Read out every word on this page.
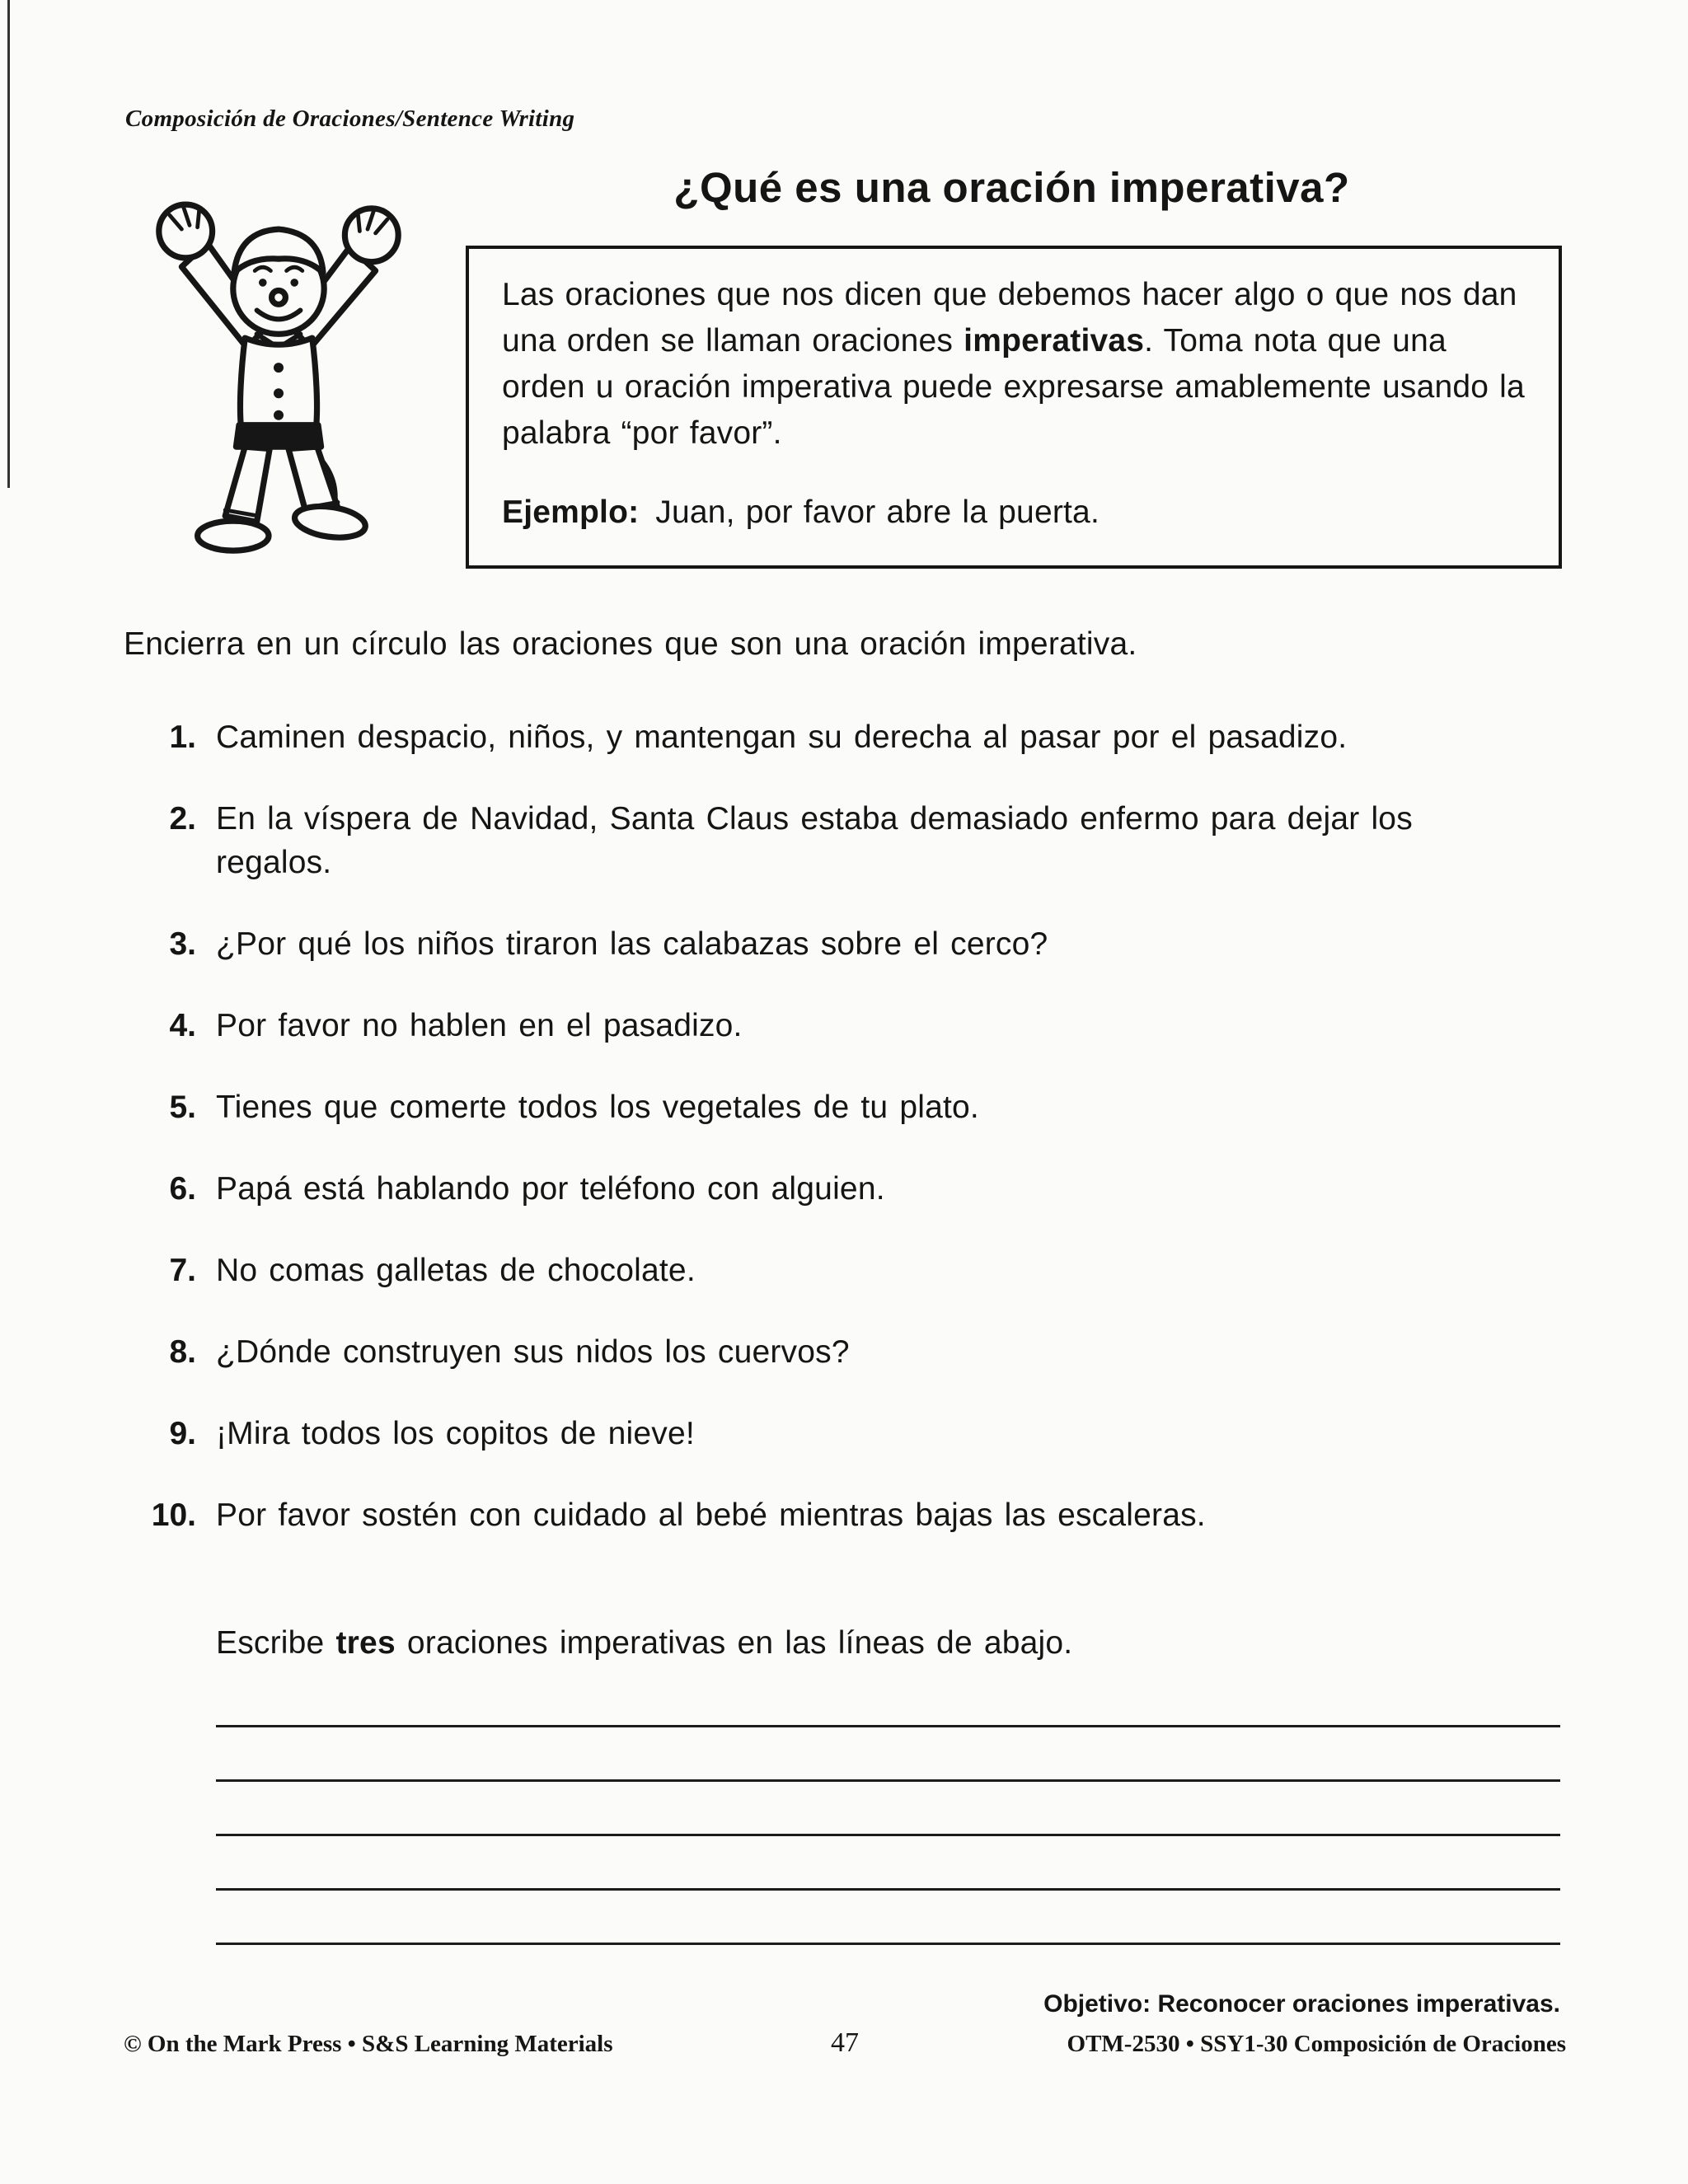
Composición de Oraciones/Sentence Writing
¿Qué es una oración imperativa?

Las oraciones que nos dicen que debemos hacer algo o que nos dan una orden se llaman oraciones imperativas. Toma nota que una orden u oración imperativa puede expresarse amablemente usando la palabra “por favor”.

Ejemplo: Juan, por favor abre la puerta.

Encierra en un círculo las oraciones que son una oración imperativa.
1. Caminen despacio, niños, y mantengan su derecha al pasar por el pasadizo.
2. En la víspera de Navidad, Santa Claus estaba demasiado enfermo para dejar los regalos.
3. ¿Por qué los niños tiraron las calabazas sobre el cerco?
4. Por favor no hablen en el pasadizo.
5. Tienes que comerte todos los vegetales de tu plato.
6. Papá está hablando por teléfono con alguien.
7. No comas galletas de chocolate.
8. ¿Dónde construyen sus nidos los cuervos?
9. ¡Mira todos los copitos de nieve!
10. Por favor sostén con cuidado al bebé mientras bajas las escaleras.
Escribe tres oraciones imperativas en las líneas de abajo.
Objetivo: Reconocer oraciones imperativas.
© On the Mark Press • S&S Learning Materials	47	OTM-2530 • SSY1-30 Composición de Oraciones
